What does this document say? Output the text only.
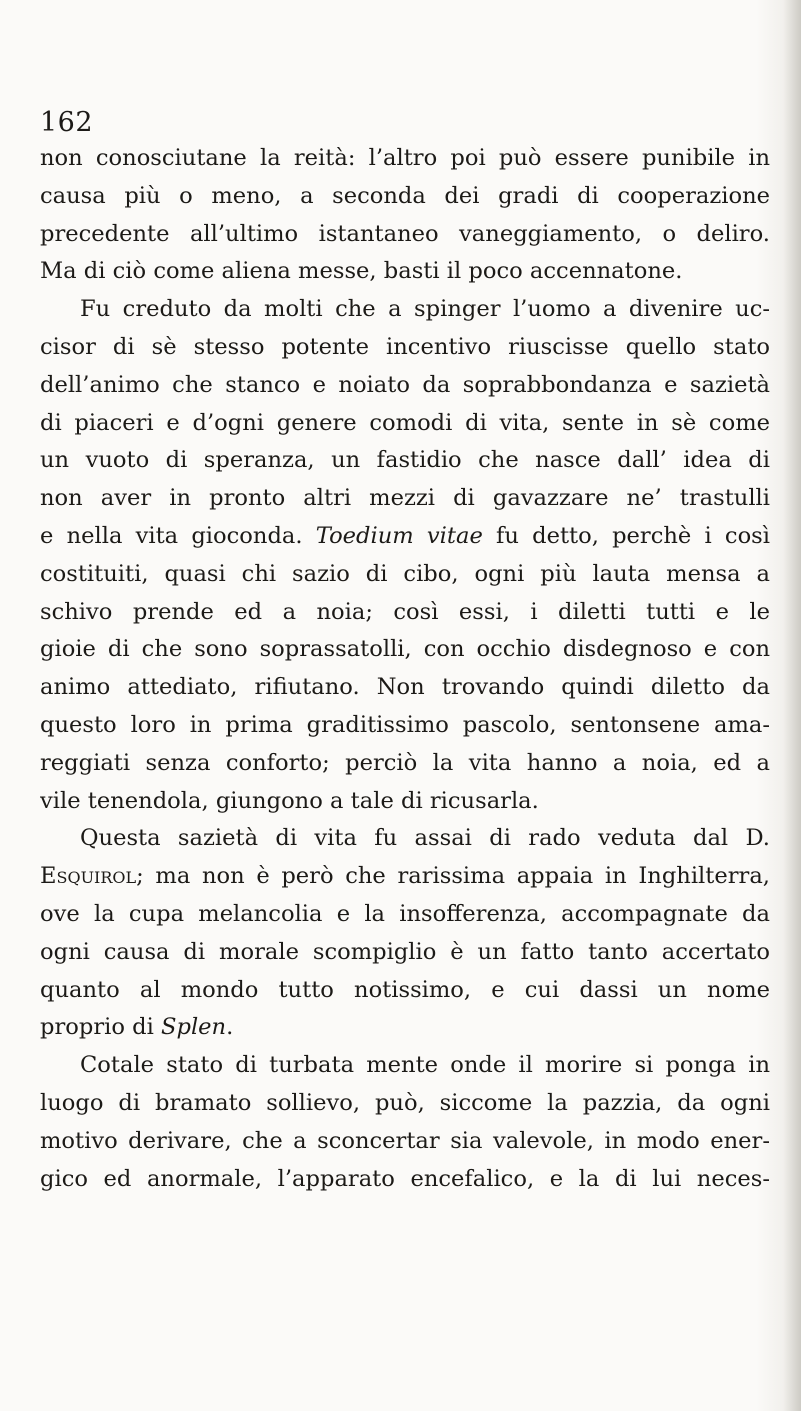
162
non conosciutane la reità: l’altro poi può essere punibile in
causa più o meno, a seconda dei gradi di cooperazione
precedente all’ultimo istantaneo vaneggiamento, o deliro.
Ma di ciò come aliena messe, basti il poco accennatone.
Fu creduto da molti che a spinger l’uomo a divenire uc-
cisor di sè stesso potente incentivo riuscisse quello stato
dell’animo che stanco e noiato da soprabbondanza e sazietà
di piaceri e d’ogni genere comodi di vita, sente in sè come
un vuoto di speranza, un fastidio che nasce dall’ idea di
non aver in pronto altri mezzi di gavazzare ne’ trastulli
e nella vita gioconda. Toedium vitae fu detto, perchè i così
costituiti, quasi chi sazio di cibo, ogni più lauta mensa a
schivo prende ed a noia; così essi, i diletti tutti e le
gioie di che sono soprassatolli, con occhio disdegnoso e con
animo attediato, rifiutano. Non trovando quindi diletto da
questo loro in prima graditissimo pascolo, sentonsene ama-
reggiati senza conforto; perciò la vita hanno a noia, ed a
vile tenendola, giungono a tale di ricusarla.
Questa sazietà di vita fu assai di rado veduta dal D.
Esquirol; ma non è però che rarissima appaia in Inghilterra,
ove la cupa melancolia e la insofferenza, accompagnate da
ogni causa di morale scompiglio è un fatto tanto accertato
quanto al mondo tutto notissimo, e cui dassi un nome
proprio di Splen.
Cotale stato di turbata mente onde il morire si ponga in
luogo di bramato sollievo, può, siccome la pazzia, da ogni
motivo derivare, che a sconcertar sia valevole, in modo ener-
gico ed anormale, l’apparato encefalico, e la di lui neces-
